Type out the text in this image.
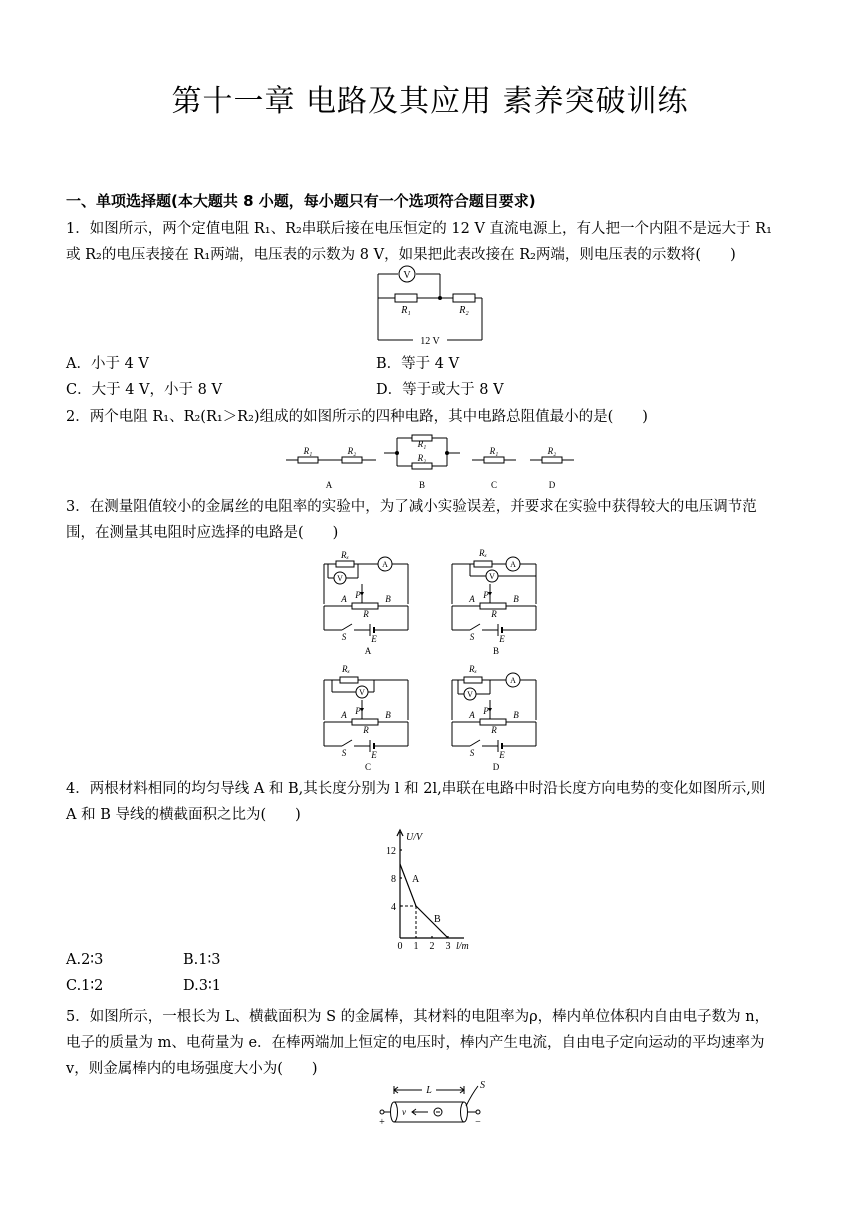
第十一章 电路及其应用 素养突破训练
一、单项选择题(本大题共 8 小题，每小题只有一个选项符合题目要求)
1．如图所示，两个定值电阻 R₁、R₂串联后接在电压恒定的 12 V 直流电源上，有人把一个内阻不是远大于 R₁
或 R₂的电压表接在 R₁两端，电压表的示数为 8 V，如果把此表改接在 R₂两端，则电压表的示数将(　　)
V
R₁	R₂
12 V
A．小于 4 V	B．等于 4 V
C．大于 4 V，小于 8 V	D．等于或大于 8 V
2．两个电阻 R₁、R₂(R₁＞R₂)组成的如图所示的四种电路，其中电路总阻值最小的是(　　)
R₁	R₂
R₁
R₂
R₁	R₂
A	B	C	D
3．在测量阻值较小的金属丝的电阻率的实验中，为了减小实验误差，并要求在实验中获得较大的电压调节范
围，在测量其电阻时应选择的电路是(　　)
Rₓ
A
V
A P	B
R
S	E
A
Rₓ
A
V
A P	B
R
S	E
B
Rₓ
V
A P	B
R
S	E
C
Rₓ
A
V
A P	B
R
S	E
D
4．两根材料相同的均匀导线 A 和 B,其长度分别为 l 和 2l,串联在电路中时沿长度方向电势的变化如图所示,则
A 和 B 导线的横截面积之比为(　　)
U/V
12
8
4
0 1 2 3 l/m
A
B
A.2∶3	B.1∶3
C.1∶2	D.3∶1
5．如图所示，一根长为 L、横截面积为 S 的金属棒，其材料的电阻率为ρ，棒内单位体积内自由电子数为 n，
电子的质量为 m、电荷量为 e．在棒两端加上恒定的电压时，棒内产生电流，自由电子定向运动的平均速率为
v，则金属棒内的电场强度大小为(　　)
L	S
v
+	−
